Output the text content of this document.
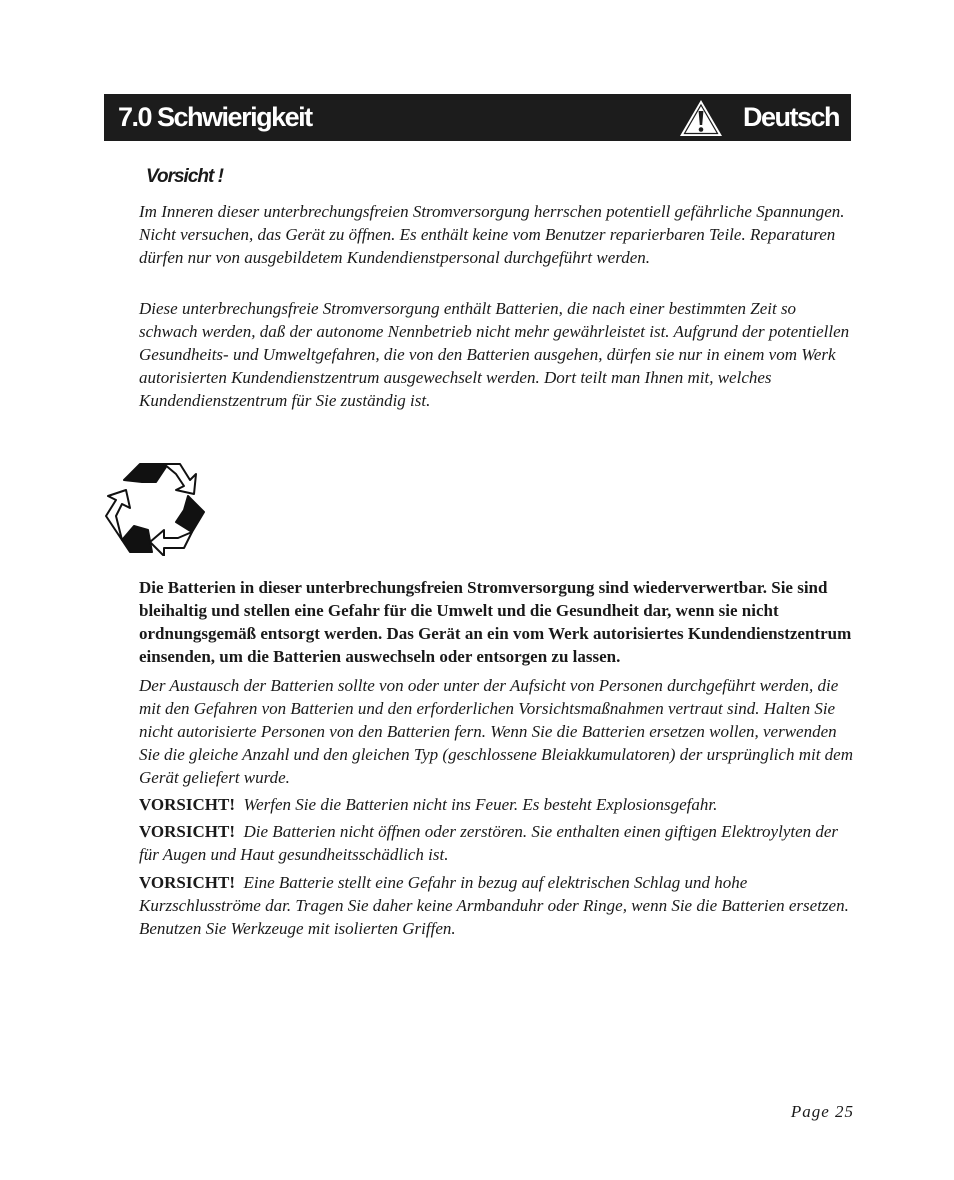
7.0 Schwierigkeit	Deutsch
Vorsicht !

Im Inneren dieser unterbrechungsfreien Stromversorgung herrschen potentiell gefährliche Spannungen. Nicht versuchen, das Gerät zu öffnen. Es enthält keine vom Benutzer reparierbaren Teile. Reparaturen dürfen nur von ausgebildetem Kundendienstpersonal durchgeführt werden.

Diese unterbrechungsfreie Stromversorgung enthält Batterien, die nach einer bestimmten Zeit so schwach werden, daß der autonome Nennbetrieb nicht mehr gewährleistet ist. Aufgrund der potentiellen Gesundheits- und Umweltgefahren, die von den Batterien ausgehen, dürfen sie nur in einem vom Werk autorisierten Kundendienstzentrum ausgewechselt werden. Dort teilt man Ihnen mit, welches Kundendienstzentrum für Sie zuständig ist.

Die Batterien in dieser unterbrechungsfreien Stromversorgung sind wiederverwertbar. Sie sind bleihaltig und stellen eine Gefahr für die Umwelt und die Gesundheit dar, wenn sie nicht ordnungsgemäß entsorgt werden. Das Gerät an ein vom Werk autorisiertes Kundendienstzentrum einsenden, um die Batterien auswechseln oder entsorgen zu lassen.

Der Austausch der Batterien sollte von oder unter der Aufsicht von Personen durchgeführt werden, die mit den Gefahren von Batterien und den erforderlichen Vorsichtsmaßnahmen vertraut sind. Halten Sie nicht autorisierte Personen von den Batterien fern. Wenn Sie die Batterien ersetzen wollen, verwenden Sie die gleiche Anzahl und den gleichen Typ (geschlossene Bleiakkumulatoren) der ursprünglich mit dem Gerät geliefert wurde.

VORSICHT! Werfen Sie die Batterien nicht ins Feuer. Es besteht Explosionsgefahr.

VORSICHT! Die Batterien nicht öffnen oder zerstören. Sie enthalten einen giftigen Elektroylyten der für Augen und Haut gesundheitsschädlich ist.

VORSICHT! Eine Batterie stellt eine Gefahr in bezug auf elektrischen Schlag und hohe Kurzschlusströme dar. Tragen Sie daher keine Armbanduhr oder Ringe, wenn Sie die Batterien ersetzen. Benutzen Sie Werkzeuge mit isolierten Griffen.

Page 25
